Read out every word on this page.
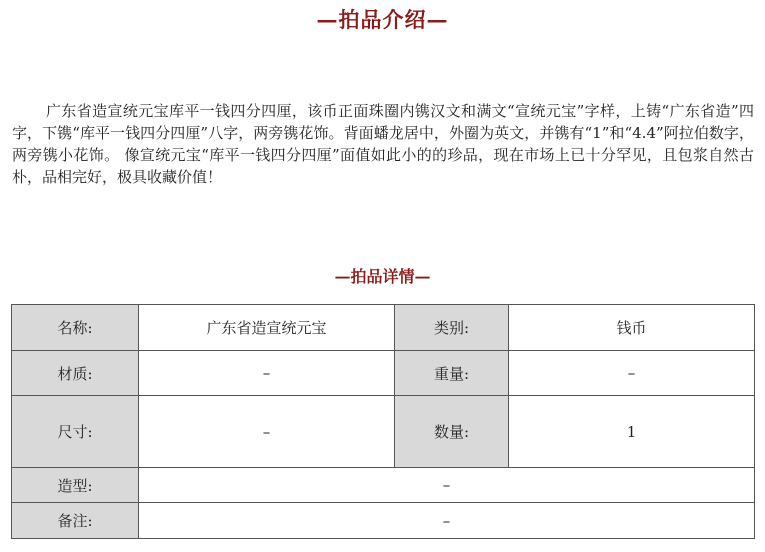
—拍品介绍—
广东省造宣统元宝库平一钱四分四厘，该币正面珠圈内镌汉文和满文“宣统元宝”字样，上铸“广东省造”四字，下镌“库平一钱四分四厘”八字，两旁镌花饰。背面蟠龙居中，外圈为英文，并镌有“1”和“4.4”阿拉伯数字，两旁镌小花饰。 像宣统元宝“库平一钱四分四厘”面值如此小的的珍品，现在市场上已十分罕见，且包浆自然古朴，品相完好，极具收藏价值！
—拍品详情—
名称:	广东省造宣统元宝	类别:	钱币
材质:	–	重量:	–
尺寸:	–	数量:	1
造型:	–		
备注:	–		
